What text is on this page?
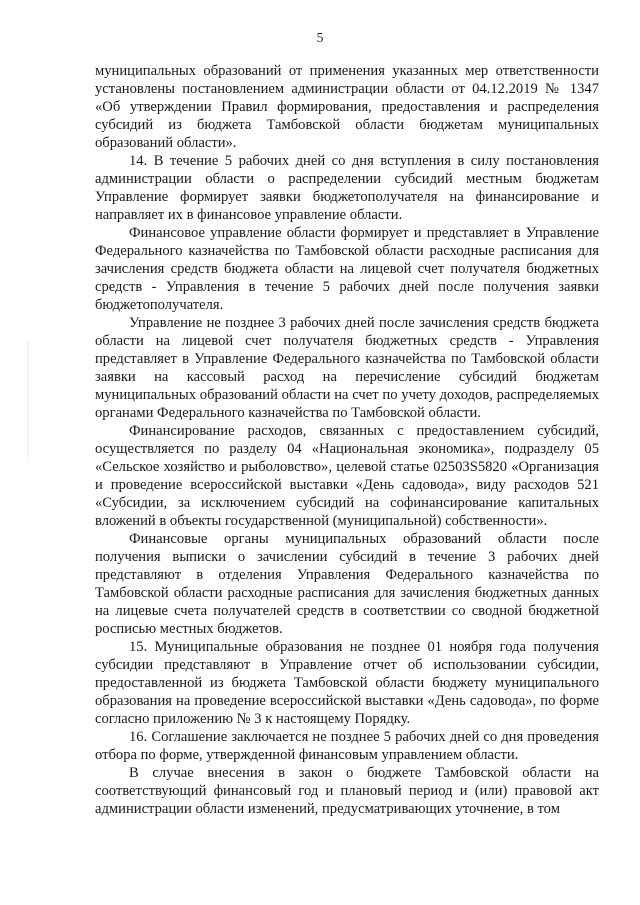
5

муниципальных образований от применения указанных мер ответственности установлены постановлением администрации области от 04.12.2019 № 1347 «Об утверждении Правил формирования, предоставления и распределения субсидий из бюджета Тамбовской области бюджетам муниципальных образований области».

14. В течение 5 рабочих дней со дня вступления в силу постановления администрации области о распределении субсидий местным бюджетам Управление формирует заявки бюджетополучателя на финансирование и направляет их в финансовое управление области.

Финансовое управление области формирует и представляет в Управление Федерального казначейства по Тамбовской области расходные расписания для зачисления средств бюджета области на лицевой счет получателя бюджетных средств - Управления в течение 5 рабочих дней после получения заявки бюджетополучателя.

Управление не позднее 3 рабочих дней после зачисления средств бюджета области на лицевой счет получателя бюджетных средств - Управления представляет в Управление Федерального казначейства по Тамбовской области заявки на кассовый расход на перечисление субсидий бюджетам муниципальных образований области на счет по учету доходов, распределяемых органами Федерального казначейства по Тамбовской области.

Финансирование расходов, связанных с предоставлением субсидий, осуществляется по разделу 04 «Национальная экономика», подразделу 05 «Сельское хозяйство и рыболовство», целевой статье 02503S5820 «Организация и проведение всероссийской выставки «День садовода», виду расходов 521 «Субсидии, за исключением субсидий на софинансирование капитальных вложений в объекты государственной (муниципальной) собственности».

Финансовые органы муниципальных образований области после получения выписки о зачислении субсидий в течение 3 рабочих дней представляют в отделения Управления Федерального казначейства по Тамбовской области расходные расписания для зачисления бюджетных данных на лицевые счета получателей средств в соответствии со сводной бюджетной росписью местных бюджетов.

15. Муниципальные образования не позднее 01 ноября года получения субсидии представляют в Управление отчет об использовании субсидии, предоставленной из бюджета Тамбовской области бюджету муниципального образования на проведение всероссийской выставки «День садовода», по форме согласно приложению № 3 к настоящему Порядку.

16. Соглашение заключается не позднее 5 рабочих дней со дня проведения отбора по форме, утвержденной финансовым управлением области.

В случае внесения в закон о бюджете Тамбовской области на соответствующий финансовый год и плановый период и (или) правовой акт администрации области изменений, предусматривающих уточнение, в том
